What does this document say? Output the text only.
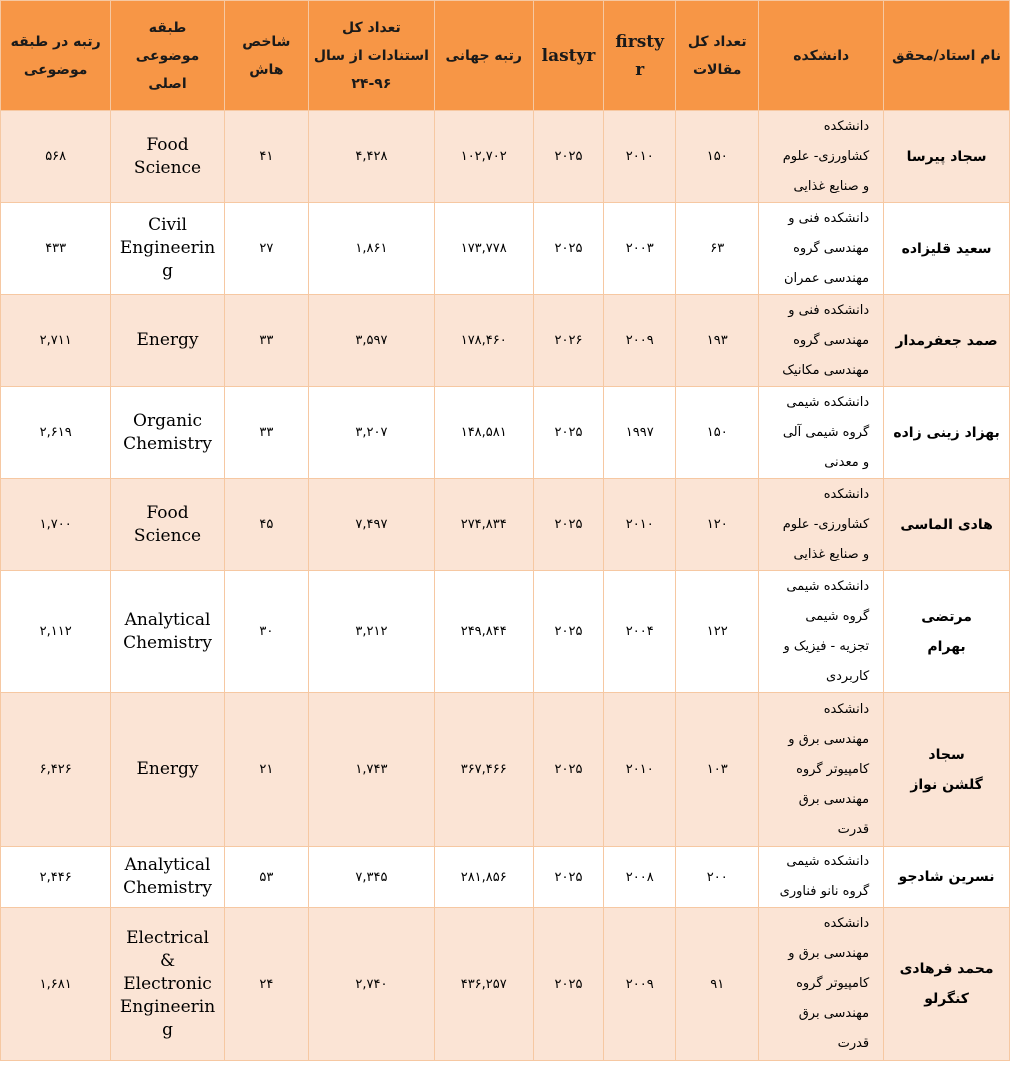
نام استاد/محقق	دانشکده	تعداد کل
مقالات	firsty
r	lastyr	رتبه جهانی	تعداد کل
استنادات از سال
۲۴-۹۶	شاخص
هاش	طبقه
موضوعی
اصلی	رتبه در طبقه
موضوعی
سجاد پیرسا	دانشکده
کشاورزی- علوم
و صنایع غذایی	۱۵۰	۲۰۱۰	۲۰۲۵	۱۰۲,۷۰۲	۴,۴۲۸	۴۱	Food
Science	۵۶۸
سعید قلیزاده	دانشکده فنی و
مهندسی گروه
مهندسی عمران	۶۳	۲۰۰۳	۲۰۲۵	۱۷۳,۷۷۸	۱,۸۶۱	۲۷	Civil
Engineerin
g	۴۳۳
صمد جعفرمدار	دانشکده فنی و
مهندسی گروه
مهندسی مکانیک	۱۹۳	۲۰۰۹	۲۰۲۶	۱۷۸,۴۶۰	۳,۵۹۷	۳۳	Energy	۲,۷۱۱
بهزاد زینی زاده	دانشکده شیمی
گروه شیمی آلی
و معدنی	۱۵۰	۱۹۹۷	۲۰۲۵	۱۴۸,۵۸۱	۳,۲۰۷	۳۳	Organic
Chemistry	۲,۶۱۹
هادی الماسی	دانشکده
کشاورزی- علوم
و صنایع غذایی	۱۲۰	۲۰۱۰	۲۰۲۵	۲۷۴,۸۳۴	۷,۴۹۷	۴۵	Food
Science	۱,۷۰۰
مرتضی
بهرام	دانشکده شیمی
گروه شیمی
تجزیه - فیزیک و
کاربردی	۱۲۲	۲۰۰۴	۲۰۲۵	۲۴۹,۸۴۴	۳,۲۱۲	۳۰	Analytical
Chemistry	۲,۱۱۲
سجاد
گلشن نواز	دانشکده
مهندسی برق و
کامپیوتر گروه
مهندسی برق
قدرت	۱۰۳	۲۰۱۰	۲۰۲۵	۳۶۷,۴۶۶	۱,۷۴۳	۲۱	Energy	۶,۴۲۶
نسرین شادجو	دانشکده شیمی
گروه نانو فناوری	۲۰۰	۲۰۰۸	۲۰۲۵	۲۸۱,۸۵۶	۷,۳۴۵	۵۳	Analytical
Chemistry	۲,۴۴۶
محمد فرهادی
کنگرلو	دانشکده
مهندسی برق و
کامپیوتر گروه
مهندسی برق
قدرت	۹۱	۲۰۰۹	۲۰۲۵	۴۳۶,۲۵۷	۲,۷۴۰	۲۴	Electrical
&
Electronic
Engineerin
g	۱,۶۸۱
